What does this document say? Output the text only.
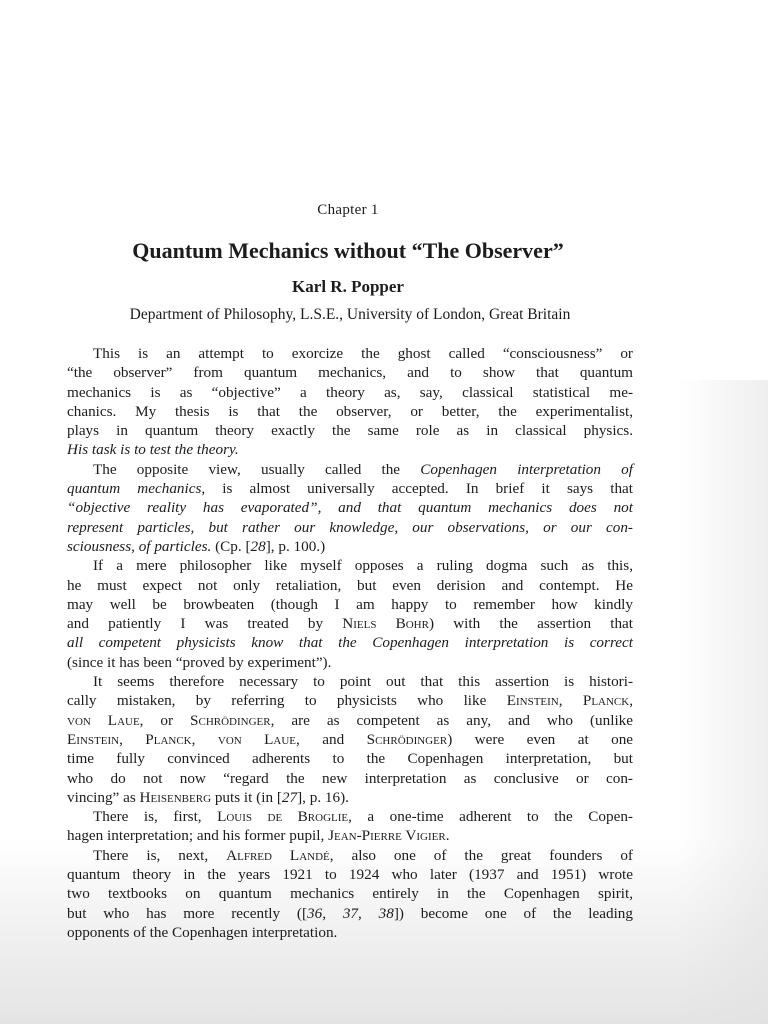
Chapter 1
Quantum Mechanics without “The Observer”
Karl R. Popper
Department of Philosophy, L.S.E., University of London, Great Britain
This is an attempt to exorcize the ghost called “consciousness” or
“the observer” from quantum mechanics, and to show that quantum
mechanics is as “objective” a theory as, say, classical statistical me-
chanics. My thesis is that the observer, or better, the experimentalist,
plays in quantum theory exactly the same role as in classical physics.
His task is to test the theory.
The opposite view, usually called the Copenhagen interpretation of
quantum mechanics, is almost universally accepted. In brief it says that
“objective reality has evaporated”, and that quantum mechanics does not
represent particles, but rather our knowledge, our observations, or our con-
sciousness, of particles. (Cp. [28], p. 100.)
If a mere philosopher like myself opposes a ruling dogma such as this,
he must expect not only retaliation, but even derision and contempt. He
may well be browbeaten (though I am happy to remember how kindly
and patiently I was treated by Niels Bohr) with the assertion that
all competent physicists know that the Copenhagen interpretation is correct
(since it has been “proved by experiment”).
It seems therefore necessary to point out that this assertion is histori-
cally mistaken, by referring to physicists who like Einstein, Planck,
von Laue, or Schrödinger, are as competent as any, and who (unlike
Einstein, Planck, von Laue, and Schrödinger) were even at one
time fully convinced adherents to the Copenhagen interpretation, but
who do not now “regard the new interpretation as conclusive or con-
vincing” as Heisenberg puts it (in [27], p. 16).
There is, first, Louis de Broglie, a one-time adherent to the Copen-
hagen interpretation; and his former pupil, Jean-Pierre Vigier.
There is, next, Alfred Landé, also one of the great founders of
quantum theory in the years 1921 to 1924 who later (1937 and 1951) wrote
two textbooks on quantum mechanics entirely in the Copenhagen spirit,
but who has more recently ([36, 37, 38]) become one of the leading
opponents of the Copenhagen interpretation.
